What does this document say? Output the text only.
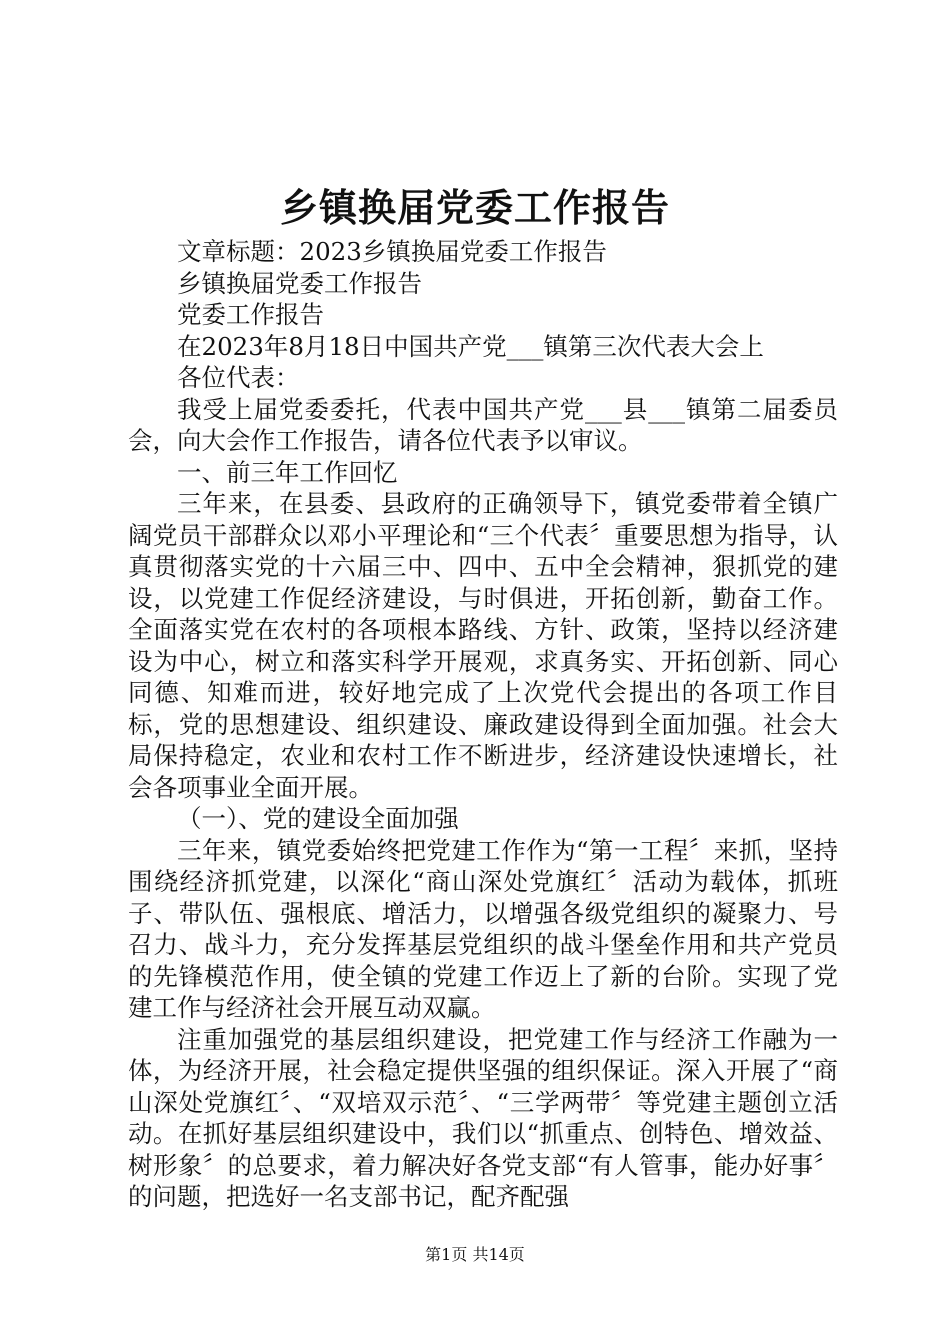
乡镇换届党委工作报告

文章标题：2023乡镇换届党委工作报告

乡镇换届党委工作报告

党委工作报告

在2023年8月18日中国共产党___镇第三次代表大会上

各位代表：

我受上届党委委托，代表中国共产党___县___镇第二届委员会，向大会作工作报告，请各位代表予以审议。

一、前三年工作回忆

三年来，在县委、县政府的正确领导下，镇党委带着全镇广阔党员干部群众以邓小平理论和“三个代表〞重要思想为指导，认真贯彻落实党的十六届三中、四中、五中全会精神，狠抓党的建设，以党建工作促经济建设，与时俱进，开拓创新，勤奋工作。全面落实党在农村的各项根本路线、方针、政策，坚持以经济建设为中心，树立和落实科学开展观，求真务实、开拓创新、同心同德、知难而进，较好地完成了上次党代会提出的各项工作目标，党的思想建设、组织建设、廉政建设得到全面加强。社会大局保持稳定，农业和农村工作不断进步，经济建设快速增长，社会各项事业全面开展。

（一）、党的建设全面加强

三年来，镇党委始终把党建工作作为“第一工程〞来抓，坚持围绕经济抓党建，以深化“商山深处党旗红〞活动为载体，抓班子、带队伍、强根底、增活力，以增强各级党组织的凝聚力、号召力、战斗力，充分发挥基层党组织的战斗堡垒作用和共产党员的先锋模范作用，使全镇的党建工作迈上了新的台阶。实现了党建工作与经济社会开展互动双赢。

注重加强党的基层组织建设，把党建工作与经济工作融为一体，为经济开展，社会稳定提供坚强的组织保证。深入开展了“商山深处党旗红〞、“双培双示范〞、“三学两带〞等党建主题创立活动。在抓好基层组织建设中，我们以“抓重点、创特色、增效益、树形象〞的总要求，着力解决好各党支部“有人管事，能办好事〞的问题，把选好一名支部书记，配齐配强

第1页 共14页
